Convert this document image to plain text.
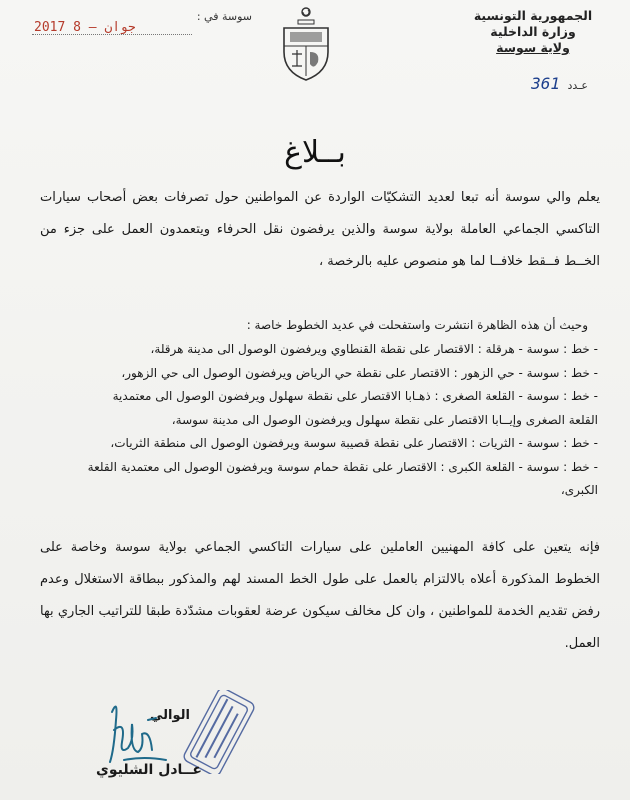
الجمهورية التونسية
وزارة الداخلية
ولاية سوسة
عـدد 361
سوسة في :
2017 جوان – 8
بــلاغ
يعلم والي سوسة أنه تبعا لعديد التشكيّات الواردة عن المواطنين حول تصرفات بعض أصحاب سيارات التاكسي الجماعي العاملة بولاية سوسة والذين يرفضون نقل الحرفاء ويتعمدون العمل على جزء من الخــط فــقط خلافــا لما هو منصوص عليه بالرخصة ،
وحيث أن هذه الظاهرة انتشرت واستفحلت في عديد الخطوط خاصة :
- خط : سوسة - هرقلة : الاقتصار على نقطة القنطاوي ويرفضون الوصول الى مدينة هرقلة،
- خط : سوسة - حي الزهور : الاقتصار على نقطة حي الرياض ويرفضون الوصول الى حي الزهور،
- خط : سوسة - القلعة الصغرى : ذهـابا الاقتصار على نقطة سهلول ويرفضون الوصول الى معتمدية
القلعة الصغرى وإيــابا الاقتصار على نقطة سهلول ويرفضون الوصول الى مدينة سوسة،
- خط : سوسة - الثريات : الاقتصار على نقطة قصيبة سوسة ويرفضون الوصول الى منطقة الثريات،
- خط : سوسة - القلعة الكبرى : الاقتصار على نقطة حمام سوسة ويرفضون الوصول الى معتمدية القلعة
الكبرى،
فإنه يتعين على كافة المهنيين العاملين على سيارات التاكسي الجماعي بولاية سوسة وخاصة على الخطوط المذكورة أعلاه بالالتزام بالعمل على طول الخط المسند لهم والمذكور ببطاقة الاستغلال وعدم رفض تقديم الخدمة للمواطنين ، وان كل مخالف سيكون عرضة لعقوبات مشدّدة طبقا للتراتيب الجاري بها العمل.
الوالي
عــادل الشليوي
